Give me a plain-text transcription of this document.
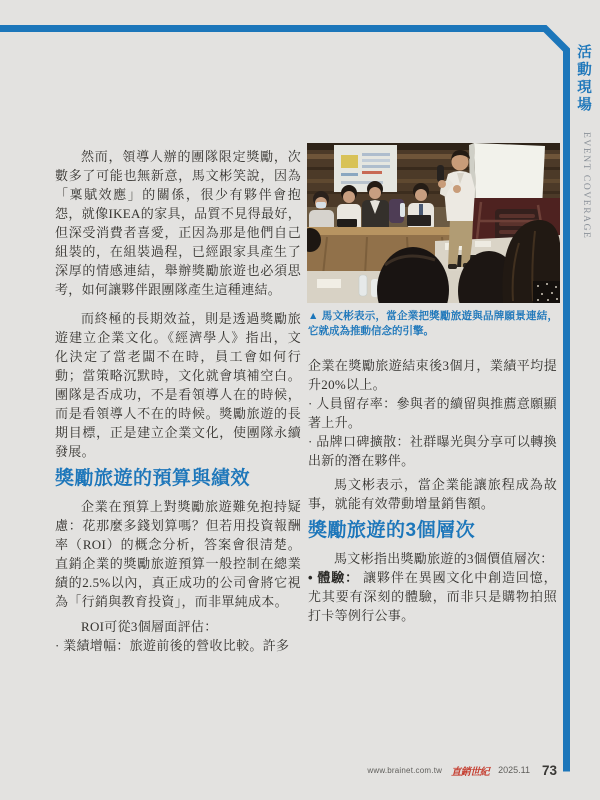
活動現場
EVENT COVERAGE

然而，領導人辦的團隊限定獎勵，次數多了可能也無新意，馬文彬笑說，因為「稟賦效應」的關係，很少有夥伴會抱怨，就像IKEA的家具，品質不見得最好，但深受消費者喜愛，正因為那是他們自己組裝的，在組裝過程，已經跟家具產生了深厚的情感連結，舉辦獎勵旅遊也必須思考，如何讓夥伴跟團隊產生這種連結。

而終極的長期效益，則是透過獎勵旅遊建立企業文化。《經濟學人》指出，文化決定了當老闆不在時，員工會如何行動；當策略沉默時，文化就會填補空白。團隊是否成功，不是看領導人在的時候，而是看領導人不在的時候。獎勵旅遊的長期目標，正是建立企業文化，使團隊永續發展。

獎勵旅遊的預算與績效

企業在預算上對獎勵旅遊難免抱持疑慮：花那麼多錢划算嗎？但若用投資報酬率（ROI）的概念分析，答案會很清楚。直銷企業的獎勵旅遊預算一般控制在總業績的2.5%以內，真正成功的公司會將它視為「行銷與教育投資」，而非單純成本。

ROI可從3個層面評估：

· 業績增幅：旅遊前後的營收比較。許多

▲ 馬文彬表示，當企業把獎勵旅遊與品牌願景連結，它就成為推動信念的引擎。

企業在獎勵旅遊結束後3個月，業績平均提升20%以上。

· 人員留存率：參與者的續留與推薦意願顯著上升。

· 品牌口碑擴散：社群曝光與分享可以轉換出新的潛在夥伴。

馬文彬表示，當企業能讓旅程成為故事，就能有效帶動增量銷售額。

獎勵旅遊的3個層次

馬文彬指出獎勵旅遊的3個價值層次：

• 體驗： 讓夥伴在異國文化中創造回憶，尤其要有深刻的體驗，而非只是購物拍照打卡等例行公事。

www.brainet.com.tw 直銷世紀 2025.11 73
